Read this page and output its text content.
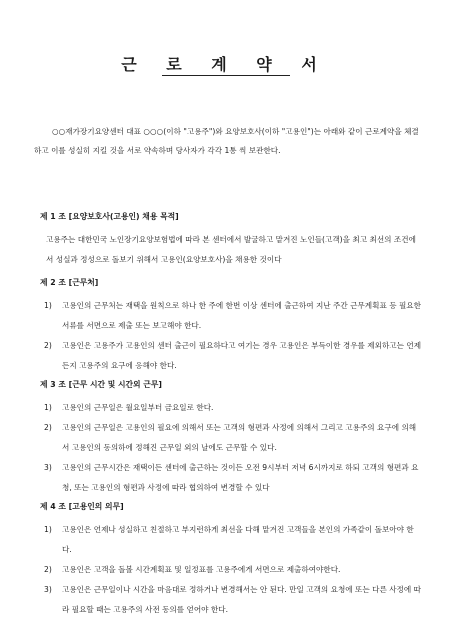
근 로 계 약 서
○○재가장기요양센터 대표 ○○○(이하 "고용주")와 요양보호사(이하 "고용인")는 아래와 같이 근로계약을 체결하고 이를 성실히 지킬 것을 서로 약속하며 당사자가 각각 1통 씩 보관한다.
제 1 조 [요양보호사(고용인) 채용 목적]
고용주는 대한민국 노인장기요양보험법에 따라 본 센터에서 발굴하고 맡겨진 노인들(고객)을 최고 최선의 조건에서 성실과 정성으로 돌보기 위해서 고용인(요양보호사)을 채용한 것이다
제 2 조 [근무처]
1) 고용인의 근무처는 재택을 원칙으로 하나 한 주에 한번 이상 센터에 출근하여 지난 주간 근무계획표 등 필요한 서류를 서면으로 제출 또는 보고해야 한다.
2) 고용인은 고용주가 고용인의 센터 출근이 필요하다고 여기는 경우 고용인은 부득이한 경우를 제외하고는 언제든지 고용주의 요구에 응해야 한다.
제 3 조 [근무 시간 및 시간외 근무]
1) 고용인의 근무일은 월요일부터 금요일로 한다.
2) 고용인의 근무일은 고용인의 필요에 의해서 또는 고객의 형편과 사정에 의해서 그리고 고용주의 요구에 의해서 고용인의 동의하에 정해진 근무일 외의 날에도 근무할 수 있다.
3) 고용인의 근무시간은 재택이든 센터에 출근하는 것이든 오전 9시부터 저녁 6시까지로 하되 고객의 형편과 요청, 또는 고용인의 형편과 사정에 따라 협의하여 변경할 수 있다
제 4 조 [고용인의 의무]
1) 고용인은 언제나 성실하고 친절하고 부지런하게 최선을 다해 맡겨진 고객들을 본인의 가족같이 돌보아야 한다.
2) 고용인은 고객을 돌볼 시간계획표 및 일정표를 고용주에게 서면으로 제출하여야한다.
3) 고용인은 근무일이나 시간을 마음대로 정하거나 변경해서는 안 된다. 만일 고객의 요청에 또는 다른 사정에 따라 필요할 때는 고용주의 사전 동의를 얻어야 한다.
